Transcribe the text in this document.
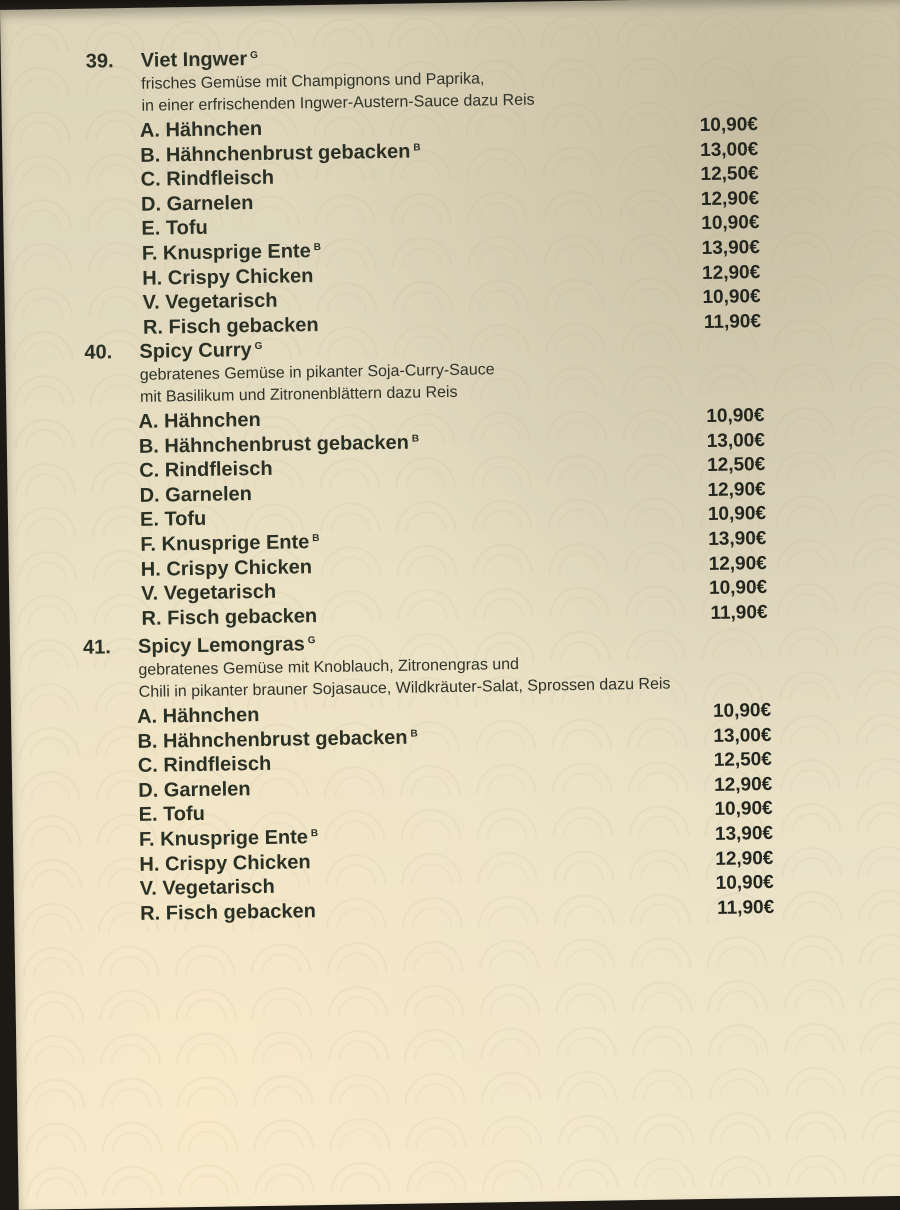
39. Viet Ingwer $^G$
frisches Gemüse mit Champignons und Paprika,
in einer erfrischenden Ingwer-Austern-Sauce dazu Reis
A. Hähnchen	10,90€
B. Hähnchenbrust gebacken $^B$	13,00€
C. Rindfleisch	12,50€
D. Garnelen	12,90€
E. Tofu	10,90€
F. Knusprige Ente $^B$	13,90€
H. Crispy Chicken	12,90€
V. Vegetarisch	10,90€
R. Fisch gebacken	11,90€
40. Spicy Curry $^G$
gebratenes Gemüse in pikanter Soja-Curry-Sauce
mit Basilikum und Zitronenblättern dazu Reis
A. Hähnchen	10,90€
B. Hähnchenbrust gebacken $^B$	13,00€
C. Rindfleisch	12,50€
D. Garnelen	12,90€
E. Tofu	10,90€
F. Knusprige Ente $^B$	13,90€
H. Crispy Chicken	12,90€
V. Vegetarisch	10,90€
R. Fisch gebacken	11,90€
41. Spicy Lemongras $^G$
gebratenes Gemüse mit Knoblauch, Zitronengras und
Chili in pikanter brauner Sojasauce, Wildkräuter-Salat, Sprossen dazu Reis
A. Hähnchen	10,90€
B. Hähnchenbrust gebacken $^B$	13,00€
C. Rindfleisch	12,50€
D. Garnelen	12,90€
E. Tofu	10,90€
F. Knusprige Ente $^B$	13,90€
H. Crispy Chicken	12,90€
V. Vegetarisch	10,90€
R. Fisch gebacken	11,90€
